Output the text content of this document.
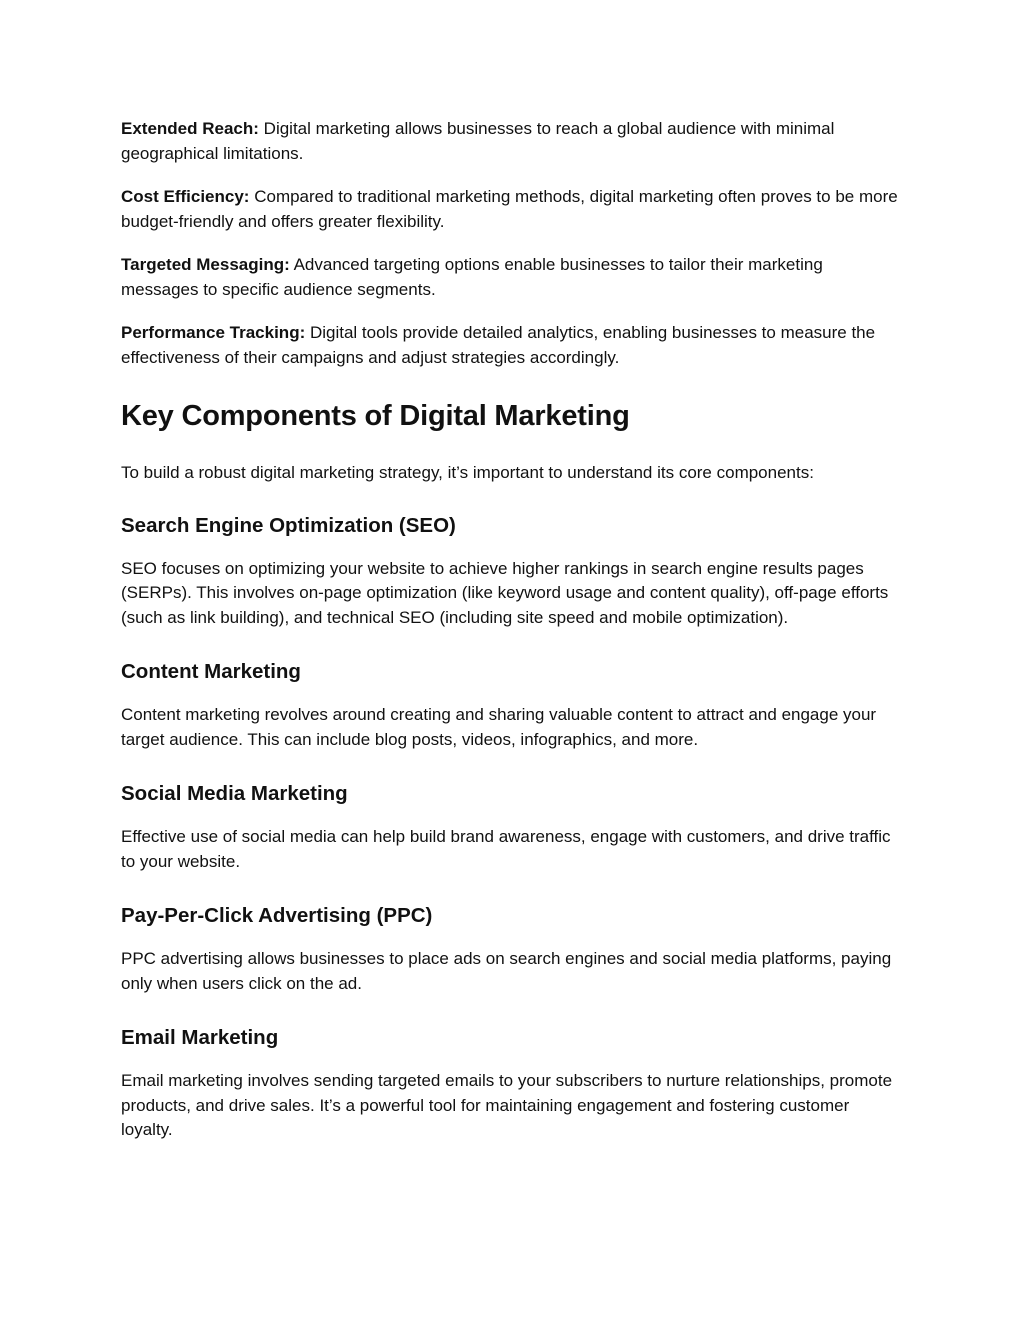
Extended Reach: Digital marketing allows businesses to reach a global audience with minimal geographical limitations.

Cost Efficiency: Compared to traditional marketing methods, digital marketing often proves to be more budget-friendly and offers greater flexibility.

Targeted Messaging: Advanced targeting options enable businesses to tailor their marketing messages to specific audience segments.

Performance Tracking: Digital tools provide detailed analytics, enabling businesses to measure the effectiveness of their campaigns and adjust strategies accordingly.

Key Components of Digital Marketing

To build a robust digital marketing strategy, it’s important to understand its core components:

Search Engine Optimization (SEO)

SEO focuses on optimizing your website to achieve higher rankings in search engine results pages (SERPs). This involves on-page optimization (like keyword usage and content quality), off-page efforts (such as link building), and technical SEO (including site speed and mobile optimization).

Content Marketing

Content marketing revolves around creating and sharing valuable content to attract and engage your target audience. This can include blog posts, videos, infographics, and more.

Social Media Marketing

Effective use of social media can help build brand awareness, engage with customers, and drive traffic to your website.

Pay-Per-Click Advertising (PPC)

PPC advertising allows businesses to place ads on search engines and social media platforms, paying only when users click on the ad.

Email Marketing

Email marketing involves sending targeted emails to your subscribers to nurture relationships, promote products, and drive sales. It’s a powerful tool for maintaining engagement and fostering customer loyalty.
